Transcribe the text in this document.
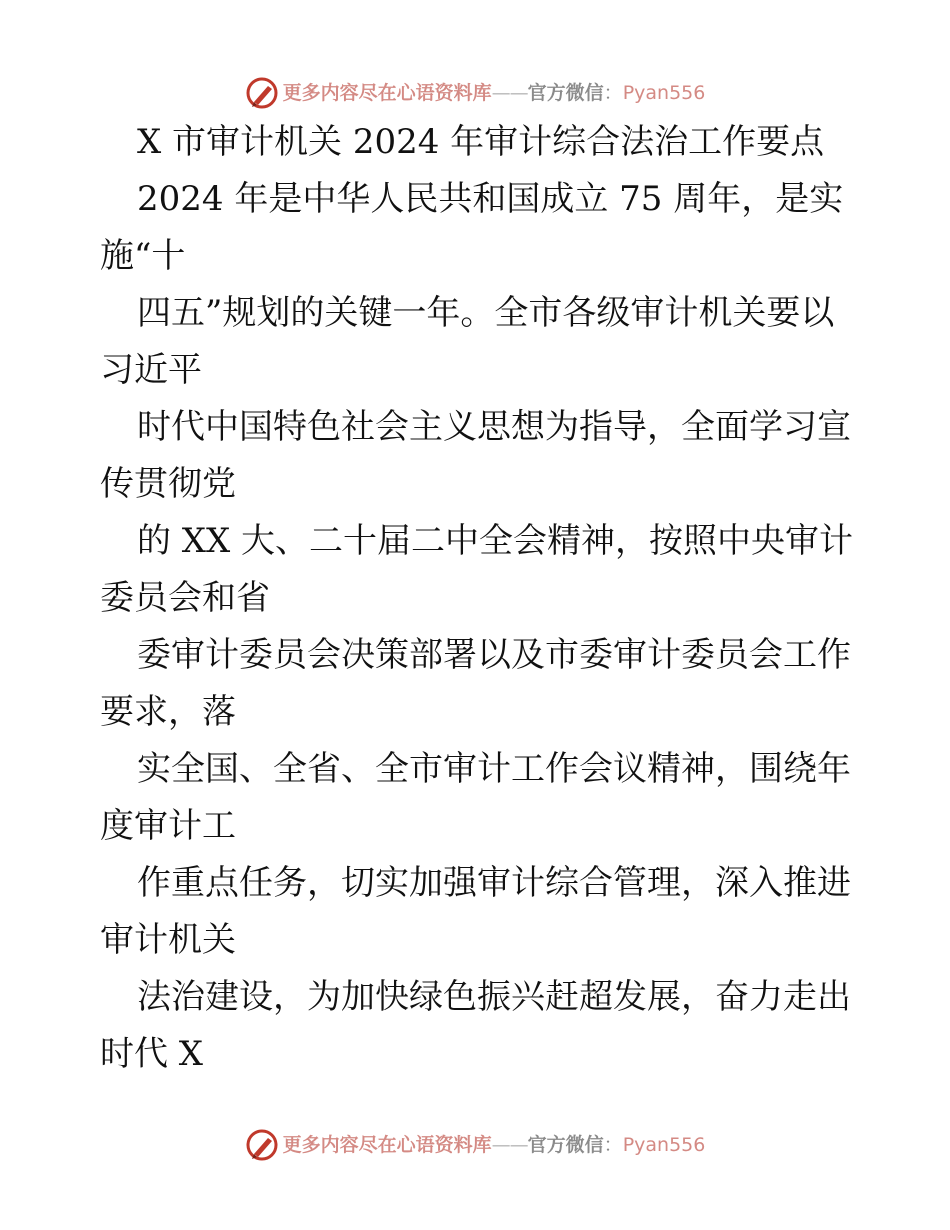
更多内容尽在心语资料库 —— 官方微信 ： Pyan556
X 市审计机关 2024 年审计综合法治工作要点
2024 年是中华人民共和国成立 75 周年，是实
施“十
四五”规划的关键一年。全市各级审计机关要以
习近平
时代中国特色社会主义思想为指导，全面学习宣
传贯彻党
的 XX 大、二十届二中全会精神，按照中央审计
委员会和省
委审计委员会决策部署以及市委审计委员会工作
要求，落
实全国、全省、全市审计工作会议精神，围绕年
度审计工
作重点任务，切实加强审计综合管理，深入推进
审计机关
法治建设，为加快绿色振兴赶超发展，奋力走出
时代 X
更多内容尽在心语资料库 —— 官方微信 ： Pyan556
